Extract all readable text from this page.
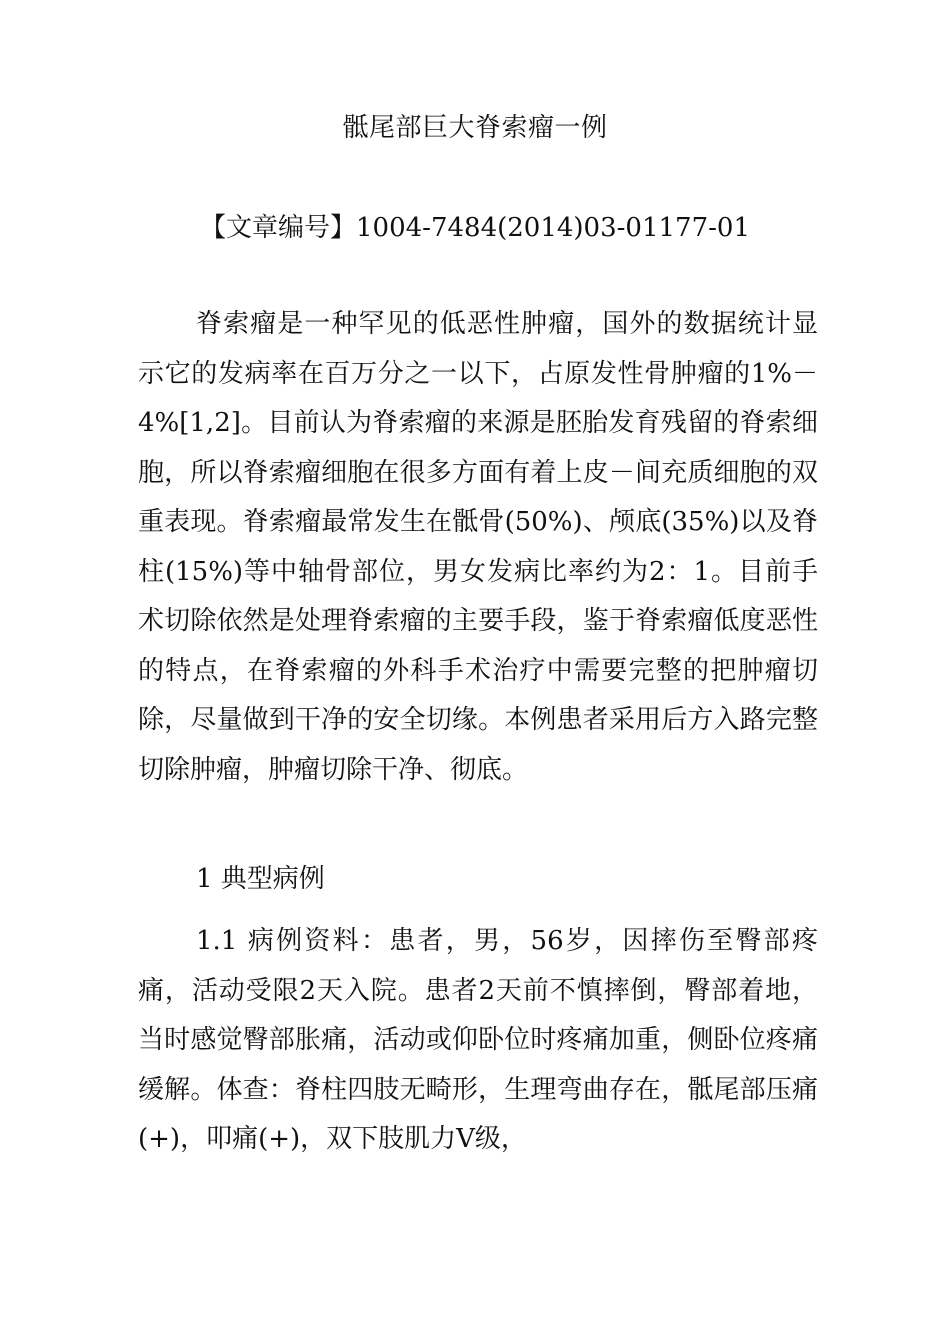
骶尾部巨大脊索瘤一例
【文章编号】1004-7484(2014)03-01177-01

脊索瘤是一种罕见的低恶性肿瘤，国外的数据统计显示它的发病率在百万分之一以下，占原发性骨肿瘤的1%－4%[1,2]。目前认为脊索瘤的来源是胚胎发育残留的脊索细胞，所以脊索瘤细胞在很多方面有着上皮－间充质细胞的双重表现。脊索瘤最常发生在骶骨(50%)、颅底(35%)以及脊柱(15%)等中轴骨部位，男女发病比率约为2：1。目前手术切除依然是处理脊索瘤的主要手段，鉴于脊索瘤低度恶性的特点，在脊索瘤的外科手术治疗中需要完整的把肿瘤切除，尽量做到干净的安全切缘。本例患者采用后方入路完整切除肿瘤，肿瘤切除干净、彻底。

1 典型病例

1.1 病例资料：患者，男，56岁，因摔伤至臀部疼痛，活动受限2天入院。患者2天前不慎摔倒，臀部着地，当时感觉臀部胀痛，活动或仰卧位时疼痛加重，侧卧位疼痛缓解。体查：脊柱四肢无畸形，生理弯曲存在，骶尾部压痛(+)，叩痛(+)，双下肢肌力Ⅴ级，
